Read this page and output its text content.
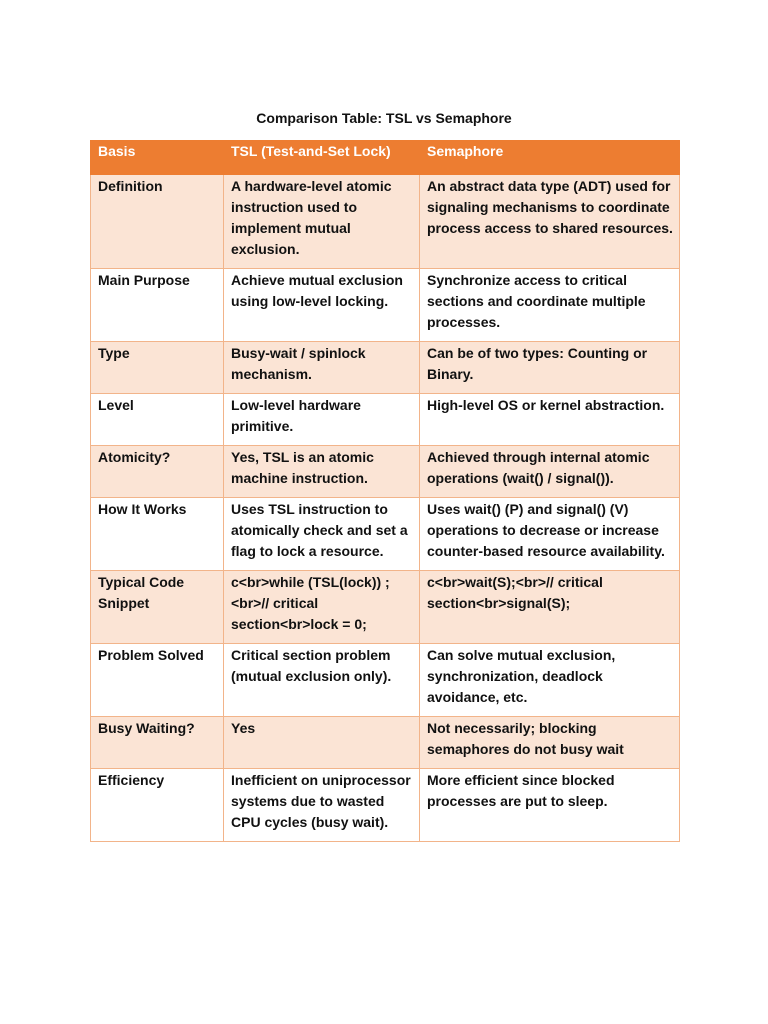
Comparison Table: TSL vs Semaphore
Basis	TSL (Test-and-Set Lock)	Semaphore
Definition	A hardware-level atomic instruction used to implement mutual exclusion.	An abstract data type (ADT) used for signaling mechanisms to coordinate process access to shared resources.
Main Purpose	Achieve mutual exclusion using low-level locking.	Synchronize access to critical sections and coordinate multiple processes.
Type	Busy-wait / spinlock mechanism.	Can be of two types: Counting or Binary.
Level	Low-level hardware primitive.	High-level OS or kernel abstraction.
Atomicity?	Yes, TSL is an atomic machine instruction.	Achieved through internal atomic operations (wait() / signal()).
How It Works	Uses TSL instruction to atomically check and set a flag to lock a resource.	Uses wait() (P) and signal() (V) operations to decrease or increase counter-based resource availability.
Typical Code Snippet	c<br>while (TSL(lock)) ;<br>// critical section<br>lock = 0;	c<br>wait(S);<br>// critical section<br>signal(S);
Problem Solved	Critical section problem (mutual exclusion only).	Can solve mutual exclusion, synchronization, deadlock avoidance, etc.
Busy Waiting?	Yes	Not necessarily; blocking semaphores do not busy wait
Efficiency	Inefficient on uniprocessor systems due to wasted CPU cycles (busy wait).	More efficient since blocked processes are put to sleep.
